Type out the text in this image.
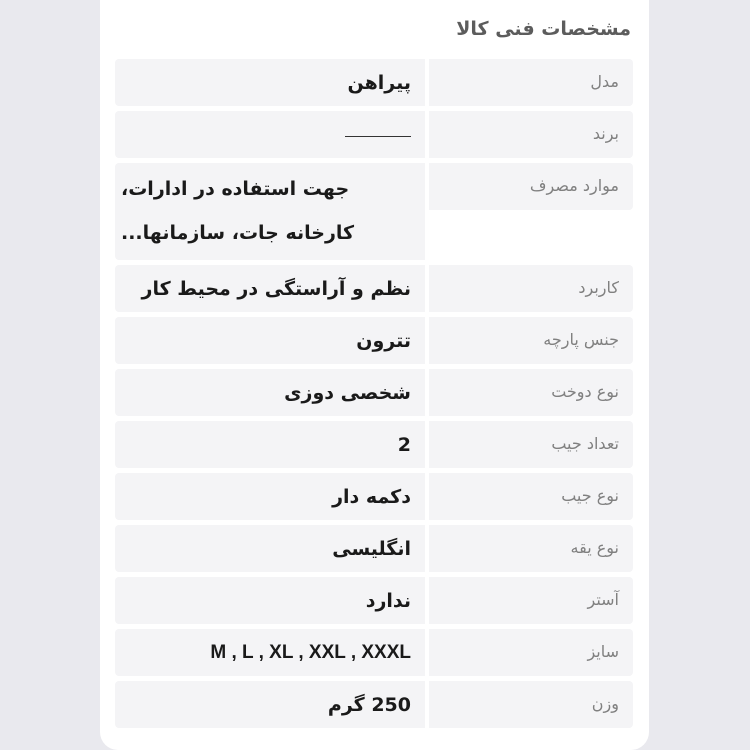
مشخصات فنی کالا
مدل
پیراهن
برند
موارد مصرف
جهت استفاده در ادارات،
کارخانه جات، سازمانها...
کاربرد
نظم و آراستگی در محیط کار
جنس پارچه
تترون
نوع دوخت
شخصی دوزی
تعداد جیب
2
نوع جیب
دکمه دار
نوع یقه
انگلیسی
آستر
ندارد
سایز
M , L , XL , XXL , XXXL
وزن
250 گرم
